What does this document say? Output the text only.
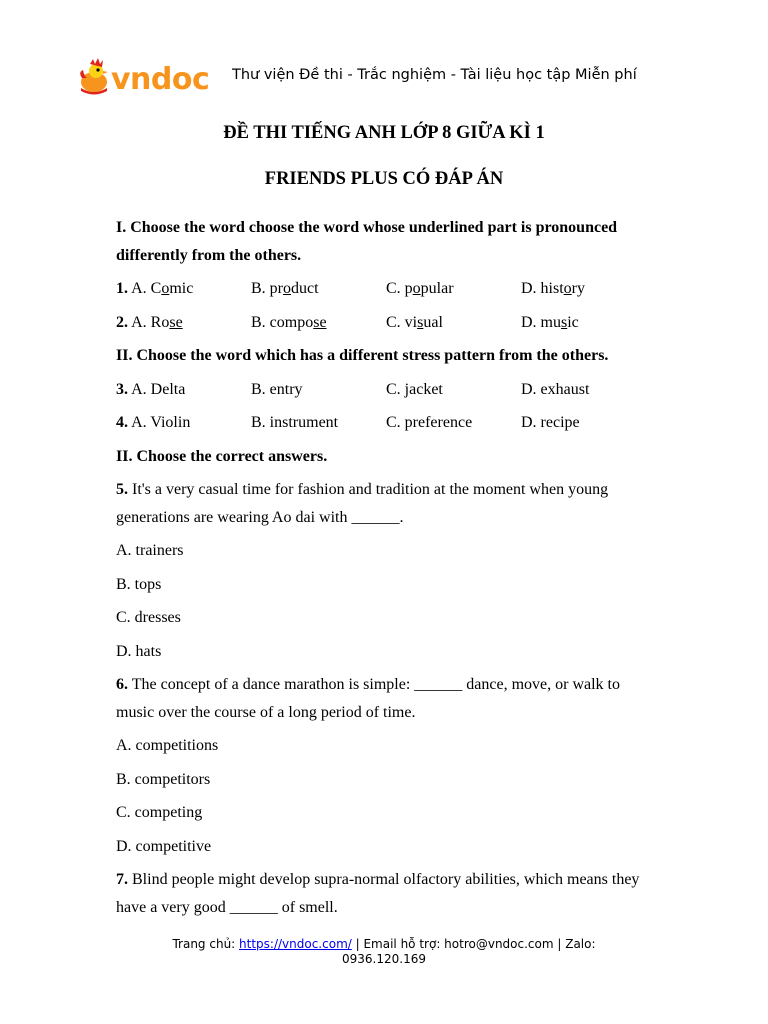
vndoc Thư viện Đề thi - Trắc nghiệm - Tài liệu học tập Miễn phí
ĐỀ THI TIẾNG ANH LỚP 8 GIỮA KÌ 1
FRIENDS PLUS CÓ ĐÁP ÁN

I. Choose the word choose the word whose underlined part is pronounced differently from the others.

1. A. Comic	B. product	C. popular	D. history
2. A. Rose	B. compose	C. visual	D. music

II. Choose the word which has a different stress pattern from the others.

3. A. Delta	B. entry	C. jacket	D. exhaust
4. A. Violin	B. instrument	C. preference	D. recipe

II. Choose the correct answers.

5. It's a very casual time for fashion and tradition at the moment when young generations are wearing Ao dai with ______.

A. trainers

B. tops

C. dresses

D. hats

6. The concept of a dance marathon is simple: ______ dance, move, or walk to music over the course of a long period of time.

A. competitions

B. competitors

C. competing

D. competitive

7. Blind people might develop supra-normal olfactory abilities, which means they have a very good ______ of smell.

Trang chủ: https://vndoc.com/ | Email hỗ trợ: hotro@vndoc.com | Zalo:
0936.120.169
